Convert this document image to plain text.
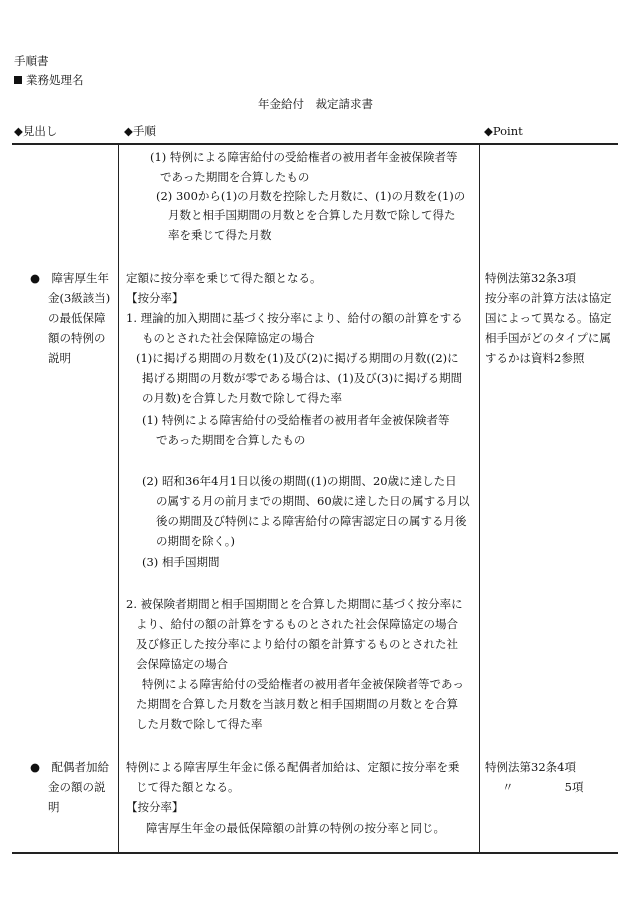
手順書
業務処理名
年金給付　裁定請求書
◆見出し	◆手順	◆Point
(1) 特例による障害給付の受給権者の被用者年金被保険者等
であった期間を合算したもの
(2) 300から(1)の月数を控除した月数に、(1)の月数を(1)の
月数と相手国期間の月数とを合算した月数で除して得た
率を乗じて得た月数
●　障害厚生年
金(3級該当)
の最低保障
額の特例の
説明
定額に按分率を乗じて得た額となる。
【按分率】
1. 理論的加入期間に基づく按分率により、給付の額の計算をする
ものとされた社会保障協定の場合
(1)に掲げる期間の月数を(1)及び(2)に掲げる期間の月数((2)に
掲げる期間の月数が零である場合は、(1)及び(3)に掲げる期間
の月数)を合算した月数で除して得た率
(1) 特例による障害給付の受給権者の被用者年金被保険者等
であった期間を合算したもの
(2) 昭和36年4月1日以後の期間((1)の期間、20歳に達した日
の属する月の前月までの期間、60歳に達した日の属する月以
後の期間及び特例による障害給付の障害認定日の属する月後
の期間を除く。)
(3) 相手国期間
2. 被保険者期間と相手国期間とを合算した期間に基づく按分率に
より、給付の額の計算をするものとされた社会保障協定の場合
及び修正した按分率により給付の額を計算するものとされた社
会保障協定の場合
特例による障害給付の受給権者の被用者年金被保険者等であっ
た期間を合算した月数を当該月数と相手国期間の月数とを合算
した月数で除して得た率
特例法第32条3項
按分率の計算方法は協定
国によって異なる。協定
相手国がどのタイプに属
するかは資料2参照
●　配偶者加給
金の額の説
明
特例による障害厚生年金に係る配偶者加給は、定額に按分率を乗
じて得た額となる。
【按分率】
障害厚生年金の最低保障額の計算の特例の按分率と同じ。
特例法第32条4項
〃              5項
